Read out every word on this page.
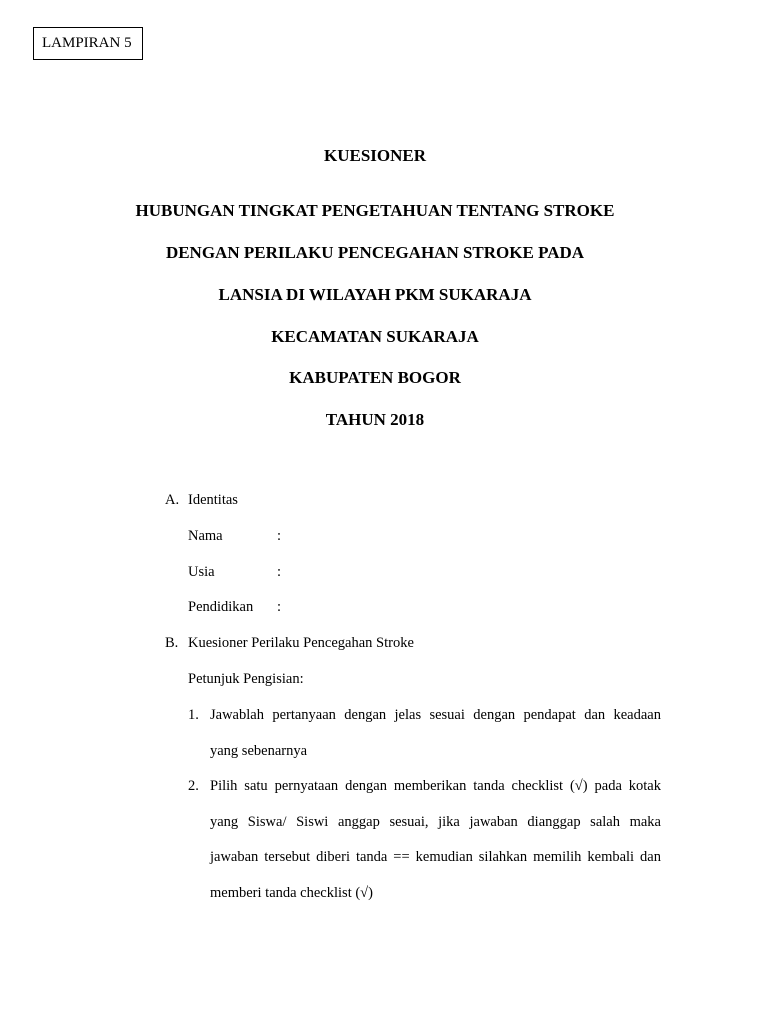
LAMPIRAN 5
KUESIONER
HUBUNGAN TINGKAT PENGETAHUAN TENTANG STROKE
DENGAN PERILAKU PENCEGAHAN STROKE PADA
LANSIA DI WILAYAH PKM SUKARAJA
KECAMATAN SUKARAJA
KABUPATEN BOGOR
TAHUN 2018
A. Identitas
Nama	:
Usia	:
Pendidikan :
B. Kuesioner Perilaku Pencegahan Stroke
Petunjuk Pengisian:
1. Jawablah pertanyaan dengan jelas sesuai dengan pendapat dan keadaan
yang sebenarnya
2. Pilih satu pernyataan dengan memberikan tanda checklist (√) pada kotak
yang Siswa/ Siswi anggap sesuai, jika jawaban dianggap salah maka
jawaban tersebut diberi tanda == kemudian silahkan memilih kembali dan
memberi tanda checklist (√)
